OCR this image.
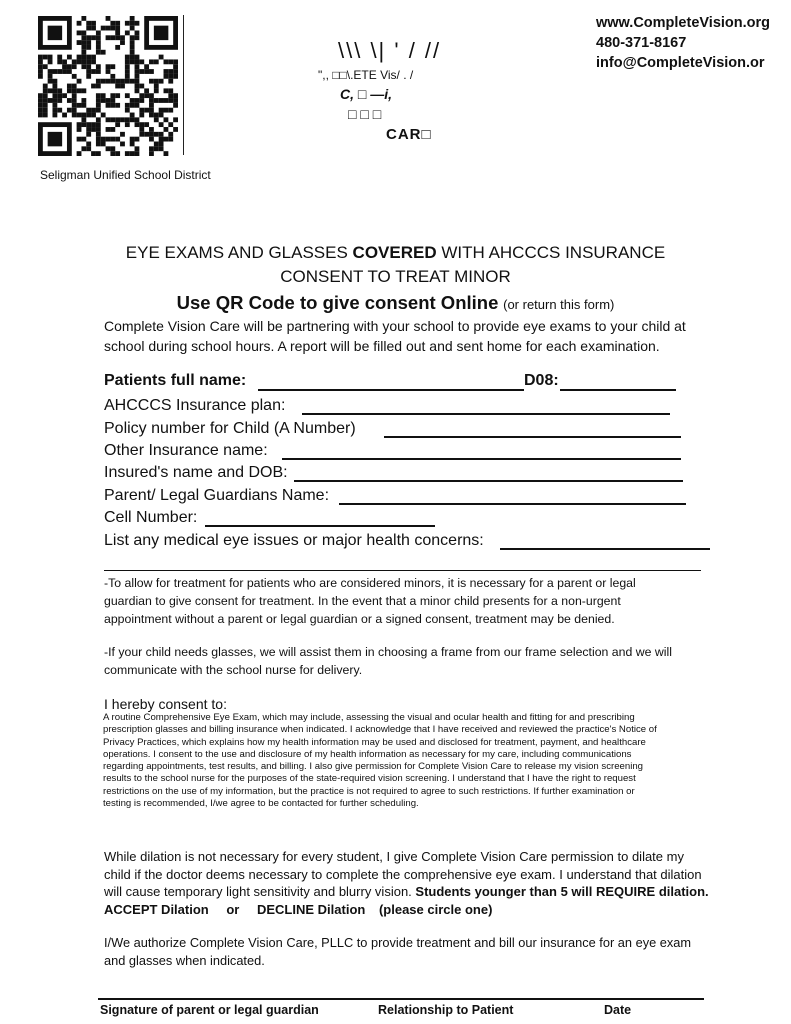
Seligman Unified School District
\\\ \| ' / //
",, □□\.ETE Vis/ . /
C, □ —i,
□ □ □
CAR□
www.CompleteVision.org
480-371-8167
info@CompleteVision.or
EYE EXAMS AND GLASSES COVERED WITH AHCCCS INSURANCE
CONSENT TO TREAT MINOR
Use QR Code to give consent Online (or return this form)
Complete Vision Care will be partnering with your school to provide eye exams to your child at
school during school hours. A report will be filled out and sent home for each examination.
Patients full name:	D08:
AHCCCS Insurance plan:
Policy number for Child (A Number)
Other Insurance name:
Insured's name and DOB:
Parent/ Legal Guardians Name:
Cell Number:
List any medical eye issues or major health concerns:
-To allow for treatment for patients who are considered minors, it is necessary for a parent or legal
guardian to give consent for treatment. In the event that a minor child presents for a non-urgent
appointment without a parent or legal guardian or a signed consent, treatment may be denied.
-If your child needs glasses, we will assist them in choosing a frame from our frame selection and we will
communicate with the school nurse for delivery.
I hereby consent to:
A routine Comprehensive Eye Exam, which may include, assessing the visual and ocular health and fitting for and prescribing
prescription glasses and billing insurance when indicated. I acknowledge that I have received and reviewed the practice's Notice of
Privacy Practices, which explains how my health information may be used and disclosed for treatment, payment, and healthcare
operations. I consent to the use and disclosure of my health information as necessary for my care, including communications
regarding appointments, test results, and billing. I also give permission for Complete Vision Care to release my vision screening
results to the school nurse for the purposes of the state-required vision screening. I understand that I have the right to request
restrictions on the use of my information, but the practice is not required to agree to such restrictions. If further examination or
testing is recommended, I/we agree to be contacted for further scheduling.
While dilation is not necessary for every student, I give Complete Vision Care permission to dilate my
child if the doctor deems necessary to complete the comprehensive eye exam. I understand that dilation
will cause temporary light sensitivity and blurry vision. Students younger than 5 will REQUIRE dilation.
ACCEPT Dilation or DECLINE Dilation (please circle one)
I/We authorize Complete Vision Care, PLLC to provide treatment and bill our insurance for an eye exam
and glasses when indicated.
Signature of parent or legal guardian	Relationship to Patient	Date
